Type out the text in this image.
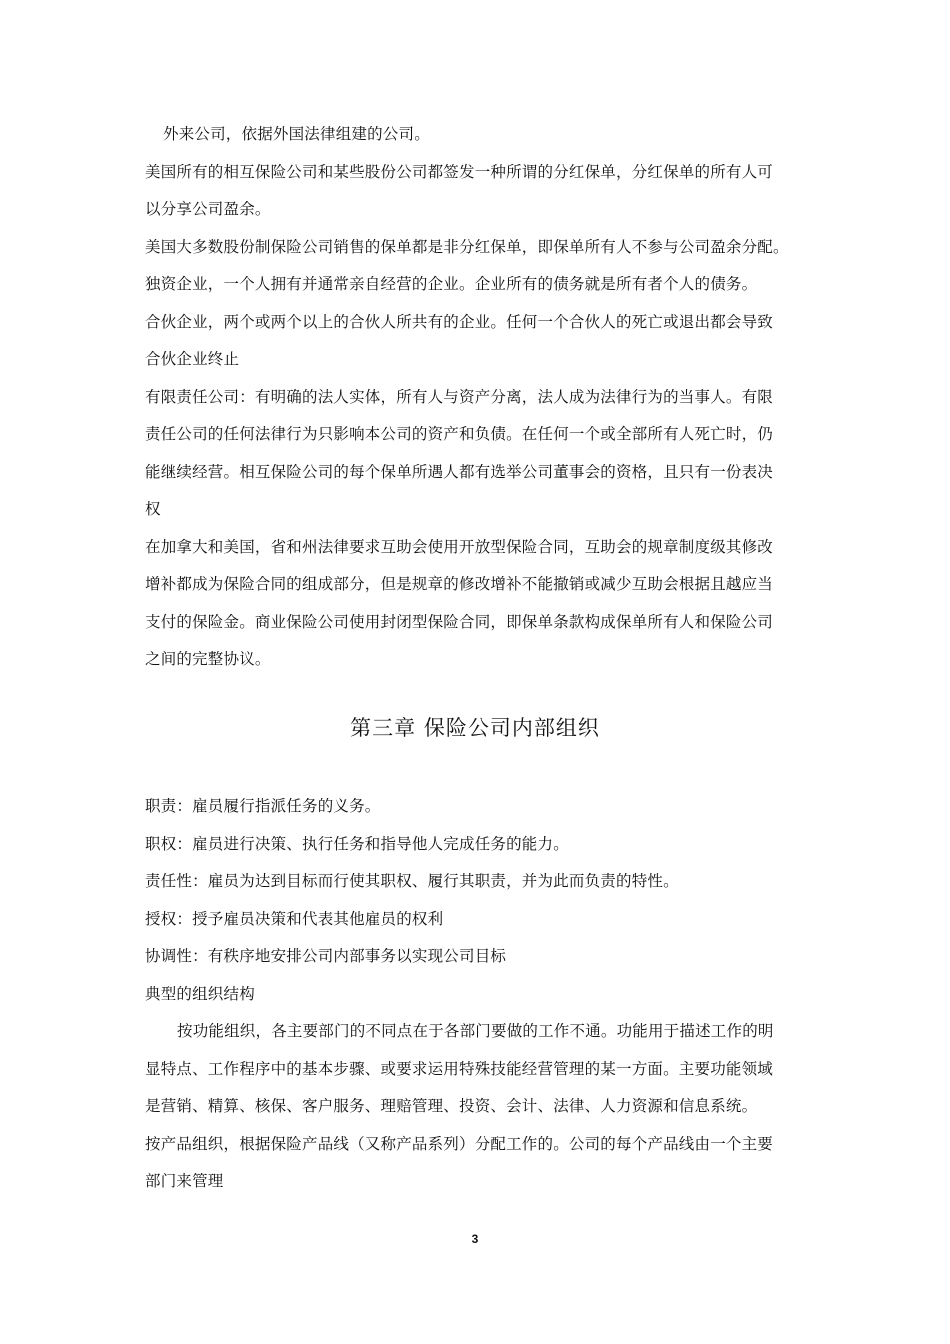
外来公司，依据外国法律组建的公司。

美国所有的相互保险公司和某些股份公司都签发一种所谓的分红保单，分红保单的所有人可

以分享公司盈余。

美国大多数股份制保险公司销售的保单都是非分红保单，即保单所有人不参与公司盈余分配。

独资企业，一个人拥有并通常亲自经营的企业。企业所有的债务就是所有者个人的债务。

合伙企业，两个或两个以上的合伙人所共有的企业。任何一个合伙人的死亡或退出都会导致

合伙企业终止

有限责任公司：有明确的法人实体，所有人与资产分离，法人成为法律行为的当事人。有限

责任公司的任何法律行为只影响本公司的资产和负债。在任何一个或全部所有人死亡时，仍

能继续经营。相互保险公司的每个保单所遇人都有选举公司董事会的资格，且只有一份表决

权

在加拿大和美国，省和州法律要求互助会使用开放型保险合同，互助会的规章制度级其修改

增补都成为保险合同的组成部分，但是规章的修改增补不能撤销或减少互助会根据且越应当

支付的保险金。商业保险公司使用封闭型保险合同，即保单条款构成保单所有人和保险公司

之间的完整协议。

第三章 保险公司内部组织

职责：雇员履行指派任务的义务。

职权：雇员进行决策、执行任务和指导他人完成任务的能力。

责任性：雇员为达到目标而行使其职权、履行其职责，并为此而负责的特性。

授权：授予雇员决策和代表其他雇员的权利

协调性：有秩序地安排公司内部事务以实现公司目标

典型的组织结构

按功能组织，各主要部门的不同点在于各部门要做的工作不通。功能用于描述工作的明

显特点、工作程序中的基本步骤、或要求运用特殊技能经营管理的某一方面。主要功能领域

是营销、精算、核保、客户服务、理赔管理、投资、会计、法律、人力资源和信息系统。

按产品组织，根据保险产品线（又称产品系列）分配工作的。公司的每个产品线由一个主要

部门来管理

3
